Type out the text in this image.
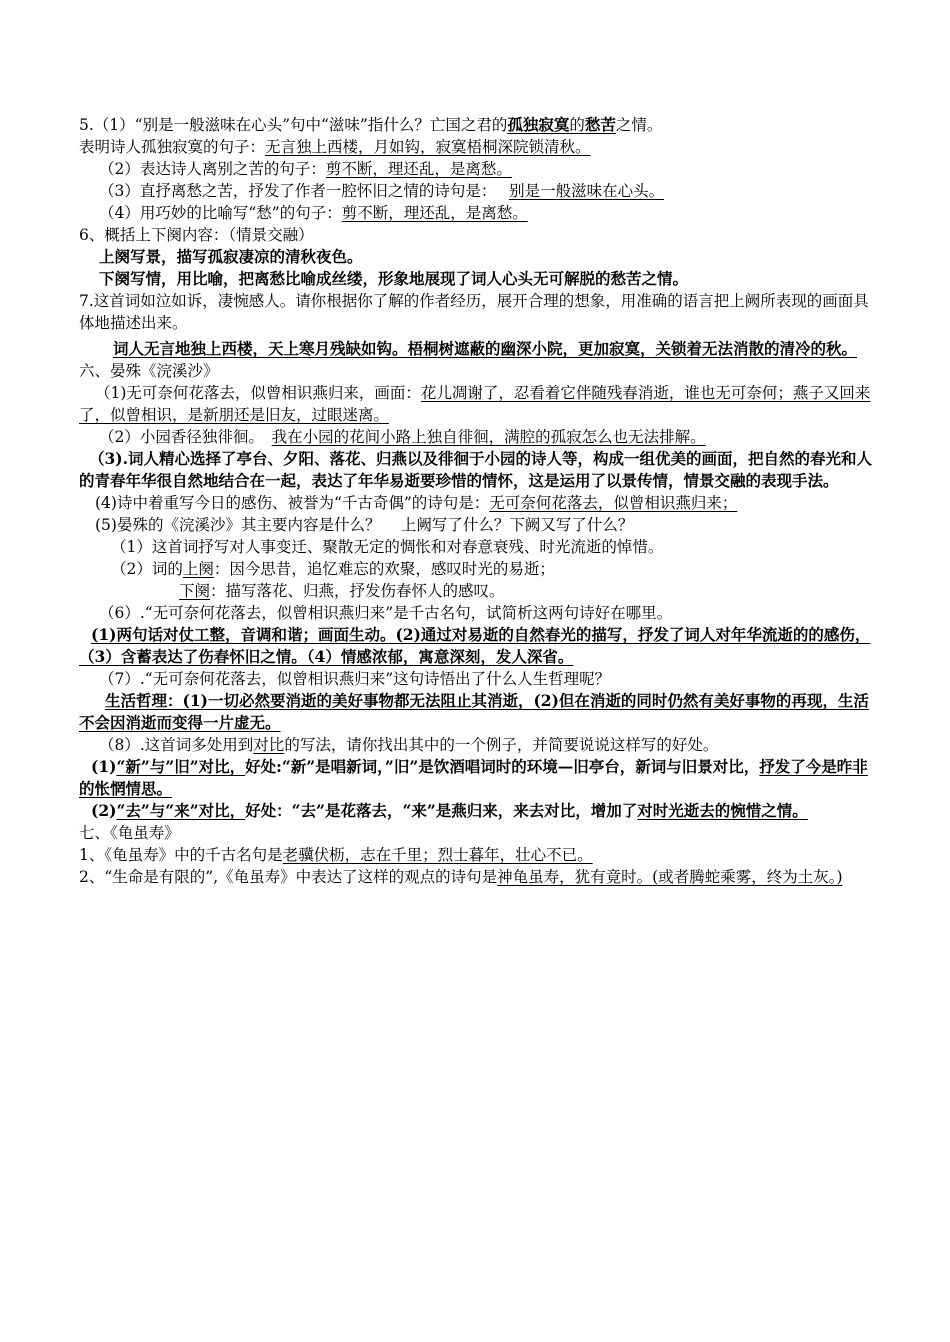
5.（1）“别是一般滋味在心头”句中“滋味”指什么？亡国之君的孤独寂寞的愁苦之情。
表明诗人孤独寂寞的句子：无言独上西楼，月如钩，寂寞梧桐深院锁清秋。
（2）表达诗人离别之苦的句子：剪不断，理还乱，是离愁。
（3）直抒离愁之苦，抒发了作者一腔怀旧之情的诗句是：　 别是一般滋味在心头。
（4）用巧妙的比喻写“愁”的句子：剪不断，理还乱，是离愁。
6、概括上下阕内容：（情景交融）
上阕写景，描写孤寂凄凉的清秋夜色。
下阕写情，用比喻，把离愁比喻成丝缕，形象地展现了词人心头无可解脱的愁苦之情。
7.这首词如泣如诉，凄惋感人。请你根据你了解的作者经历，展开合理的想象，用准确的语言把上阙所表现的画面具体地描述出来。
词人无言地独上西楼，天上寒月残缺如钩。梧桐树遮蔽的幽深小院，更加寂寞，关锁着无法消散的清冷的秋。
六、晏殊《浣溪沙》
（1)无可奈何花落去，似曾相识燕归来，画面：花儿凋谢了，忍看着它伴随残春消逝，谁也无可奈何；燕子又回来了，似曾相识，是新朋还是旧友，过眼迷离。
（2）小园香径独徘徊。　 我在小园的花间小路上独自徘徊，满腔的孤寂怎么也无法排解。
（3).词人精心选择了亭台、夕阳、落花、归燕以及徘徊于小园的诗人等，构成一组优美的画面，把自然的春光和人的青春年华很自然地结合在一起，表达了年华易逝要珍惜的情怀，这是运用了以景传情，情景交融的表现手法。
(4)诗中着重写今日的感伤、被誉为“千古奇偶”的诗句是：无可奈何花落去，似曾相识燕归来；
(5)晏殊的《浣溪沙》其主要内容是什么？　 上阙写了什么？下阙又写了什么？
（1）这首词抒写对人事变迁、聚散无定的惆怅和对春意衰残、时光流逝的悼惜。
（2）词的上阕：因今思昔，追忆难忘的欢聚，感叹时光的易逝；
下阕：描写落花、归燕，抒发伤春怀人的感叹。
（6）.“无可奈何花落去，似曾相识燕归来”是千古名句，试简析这两句诗好在哪里。
(1)两句话对仗工整，音调和谐；画面生动。(2)通过对易逝的自然春光的描写，抒发了词人对年华流逝的的感伤，（3）含蓄表达了伤春怀旧之情。（4）情感浓郁，寓意深刻，发人深省。
（7）.“无可奈何花落去，似曾相识燕归来”这句诗悟出了什么人生哲理呢？
生活哲理：(1)一切必然要消逝的美好事物都无法阻止其消逝，(2)但在消逝的同时仍然有美好事物的再现，生活不会因消逝而变得一片虚无。
（8）.这首词多处用到对比的写法，请你找出其中的一个例子，并简要说说这样写的好处。
(1)“新”与”旧”对比，好处:“新”是唱新词，”旧”是饮酒唱词时的环境—旧亭台，新词与旧景对比，抒发了今是昨非的怅惘情思。
(2)“去”与“来”对比，好处：“去”是花落去，“来”是燕归来，来去对比，增加了对时光逝去的惋惜之情。
七、《龟虽寿》
1、《龟虽寿》中的千古名句是老骥伏枥，志在千里；烈士暮年，壮心不已。
2、“生命是有限的”,《龟虽寿》中表达了这样的观点的诗句是神龟虽寿，犹有竟时。(或者腾蛇乘雾，终为土灰。)
